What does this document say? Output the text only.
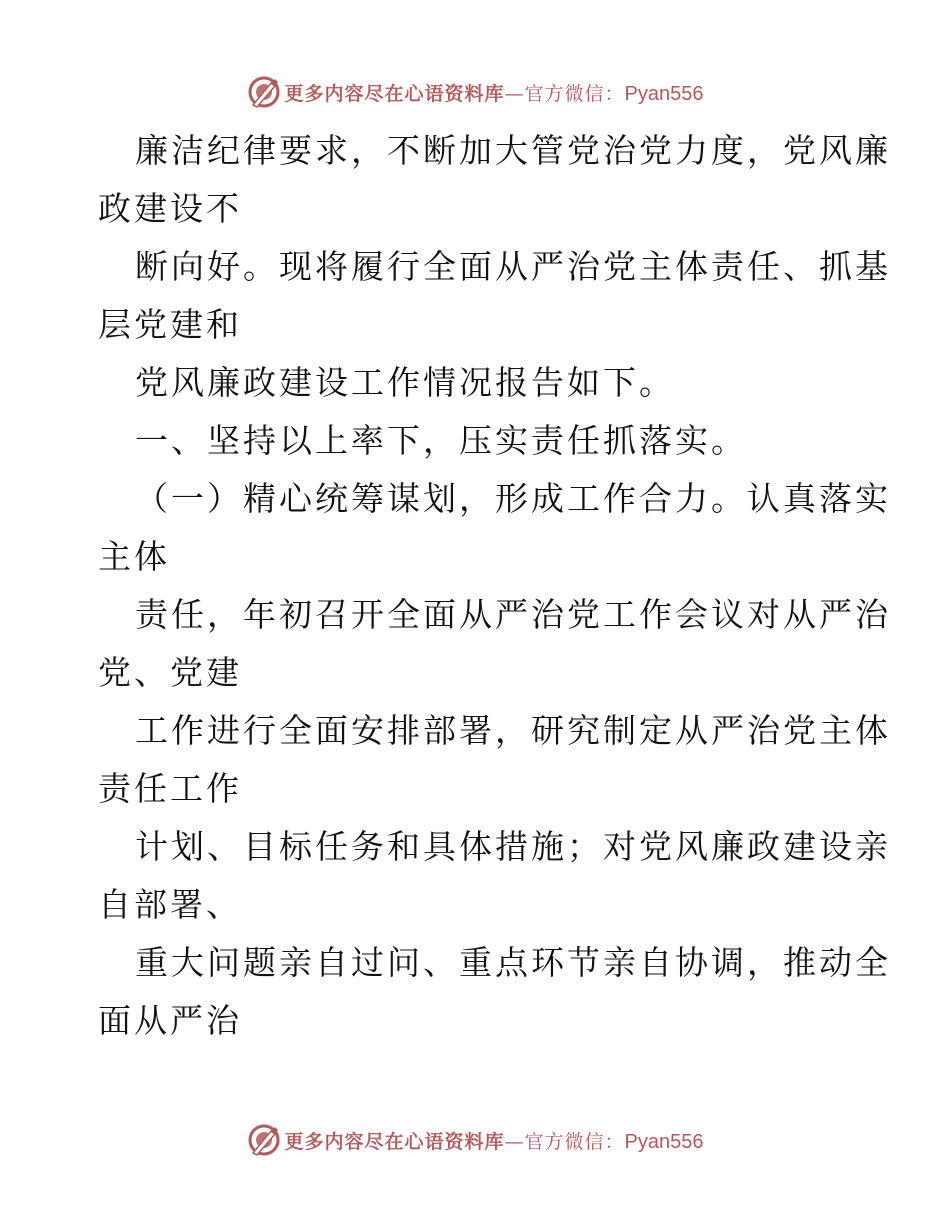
更多内容尽在心语资料库—官方微信：Pyan556
廉洁纪律要求，不断加大管党治党力度，党风廉
政建设不
断向好。现将履行全面从严治党主体责任、抓基
层党建和
党风廉政建设工作情况报告如下。
一、坚持以上率下，压实责任抓落实。
（一）精心统筹谋划，形成工作合力。认真落实
主体
责任，年初召开全面从严治党工作会议对从严治
党、党建
工作进行全面安排部署，研究制定从严治党主体
责任工作
计划、目标任务和具体措施；对党风廉政建设亲
自部署、
重大问题亲自过问、重点环节亲自协调，推动全
面从严治
更多内容尽在心语资料库—官方微信：Pyan556
